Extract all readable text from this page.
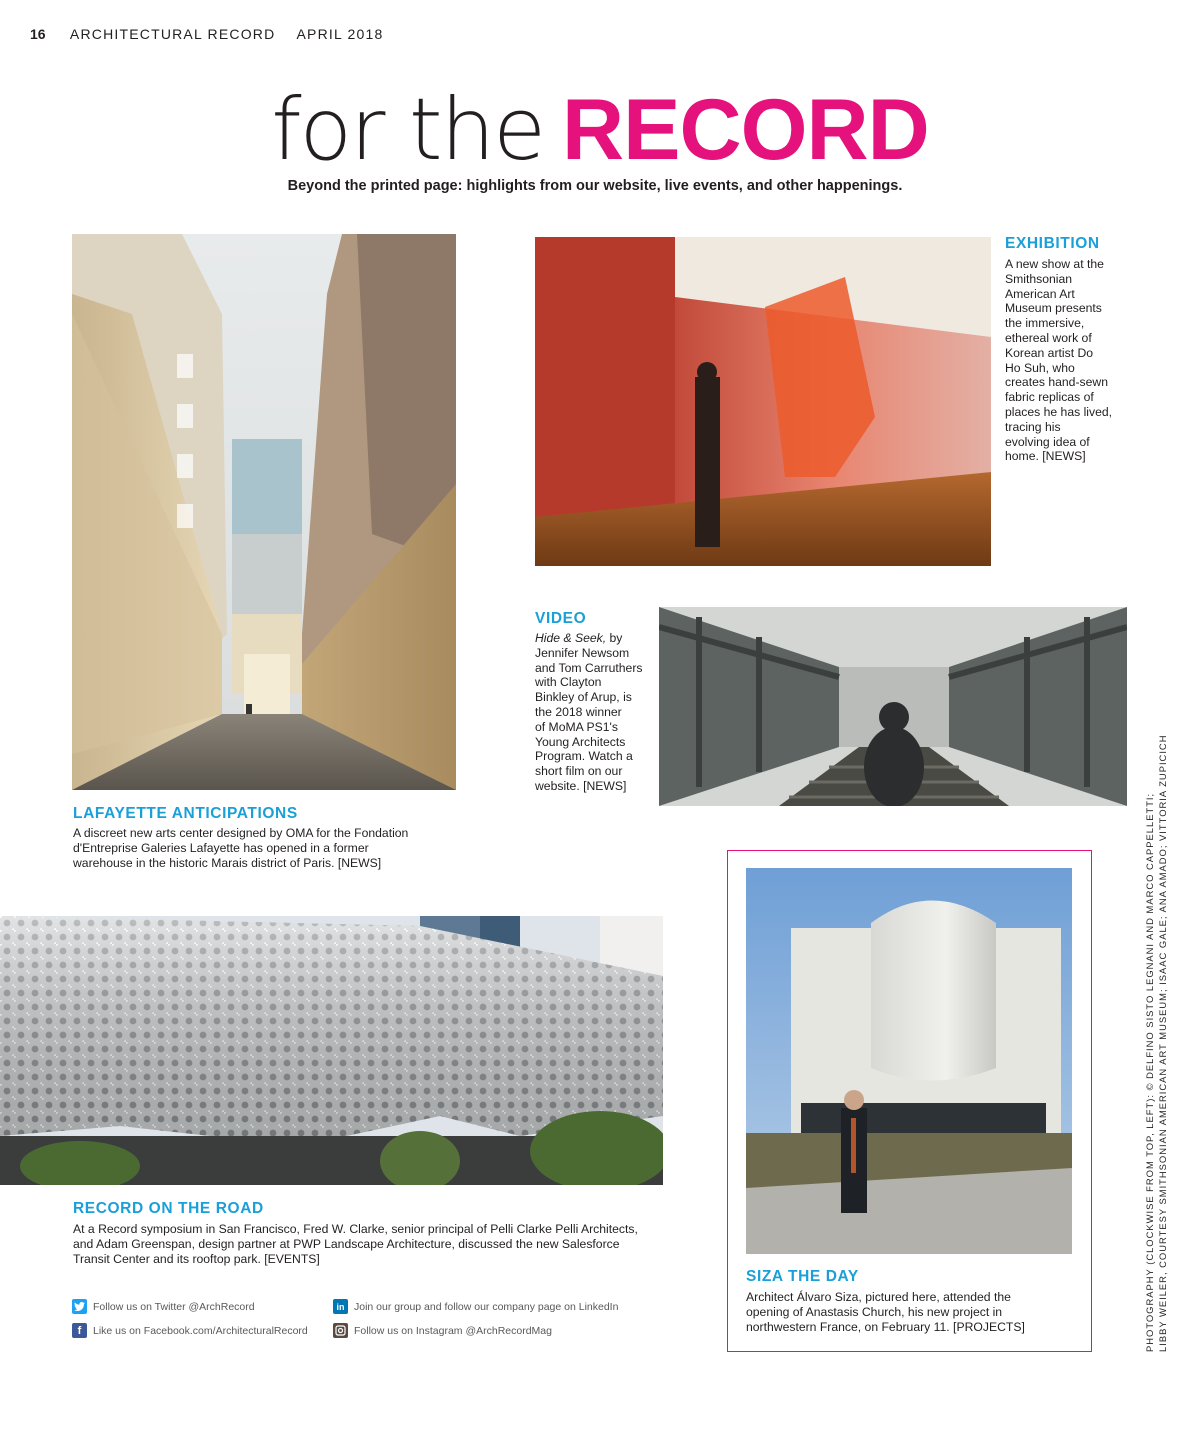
16 ARCHITECTURAL RECORD APRIL 2018
for the RECORD
Beyond the printed page: highlights from our website, live events, and other happenings.
EXHIBITION
A new show at the
Smithsonian
American Art
Museum presents
the immersive,
ethereal work of
Korean artist Do
Ho Suh, who
creates hand-sewn
fabric replicas of
places he has lived,
tracing his
evolving idea of
home. [NEWS]
VIDEO
Hide & Seek, by
Jennifer Newsom
and Tom Carruthers
with Clayton
Binkley of Arup, is
the 2018 winner
of MoMA PS1's
Young Architects
Program. Watch a
short film on our
website. [NEWS]
LAFAYETTE ANTICIPATIONS
A discreet new arts center designed by OMA for the Fondation
d'Entreprise Galeries Lafayette has opened in a former
warehouse in the historic Marais district of Paris. [NEWS]
RECORD ON THE ROAD
At a Record symposium in San Francisco, Fred W. Clarke, senior principal of Pelli Clarke Pelli Architects,
and Adam Greenspan, design partner at PWP Landscape Architecture, discussed the new Salesforce
Transit Center and its rooftop park. [EVENTS]
SIZA THE DAY
Architect Álvaro Siza, pictured here, attended the
opening of Anastasis Church, his new project in
northwestern France, on February 11. [PROJECTS]
Follow us on Twitter @ArchRecord
f	Like us on Facebook.com/ArchitecturalRecord
in Join our group and follow our company page on LinkedIn
Follow us on Instagram @ArchRecordMag	PHOTOGRAPHY (CLOCKWISE FROM TOP, LEFT): © DELFINO SISTO LEGNANI AND MARCO CAPPELLETTI; LIBBY WEILER, COURTESY SMITHSONIAN AMERICAN ART MUSEUM; ISAAC GALE; ANA AMADO; VITTORIA ZUPICICH
